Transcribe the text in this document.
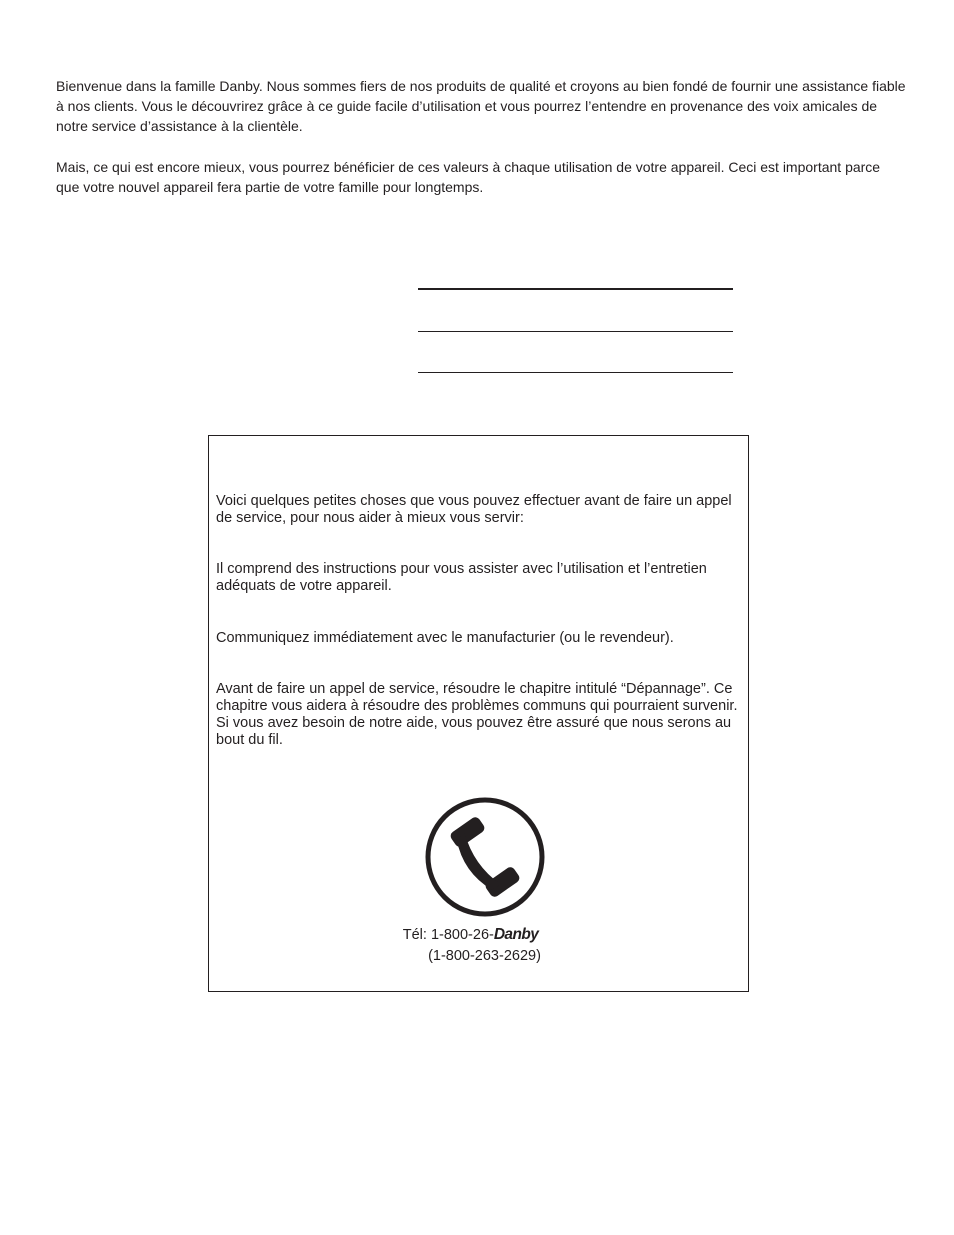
Bienvenue dans la famille Danby. Nous sommes fiers de nos produits de qualité et croyons au bien fondé de fournir une assistance fiable à nos clients. Vous le découvrirez grâce à ce guide facile d’utilisation et vous pourrez l’entendre en provenance des voix amicales de notre service d’assistance à la clientèle.

Mais, ce qui est encore mieux, vous pourrez bénéficier de ces valeurs à chaque utilisation de votre appareil. Ceci est important parce que votre nouvel appareil fera partie de votre famille pour longtemps.

Voici quelques petites choses que vous pouvez effectuer avant de faire un appel de service, pour nous aider à mieux vous servir:

Il comprend des instructions pour vous assister avec l’utilisation et l’entretien adéquats de votre appareil.

Communiquez immédiatement avec le manufacturier (ou le revendeur).

Avant de faire un appel de service, résoudre le chapitre intitulé “Dépannage”. Ce chapitre vous aidera à résoudre des problèmes communs qui pourraient survenir. Si vous avez besoin de notre aide, vous pouvez être assuré que nous serons au bout du fil.

Tél: 1-800-26-Danby
(1-800-263-2629)
